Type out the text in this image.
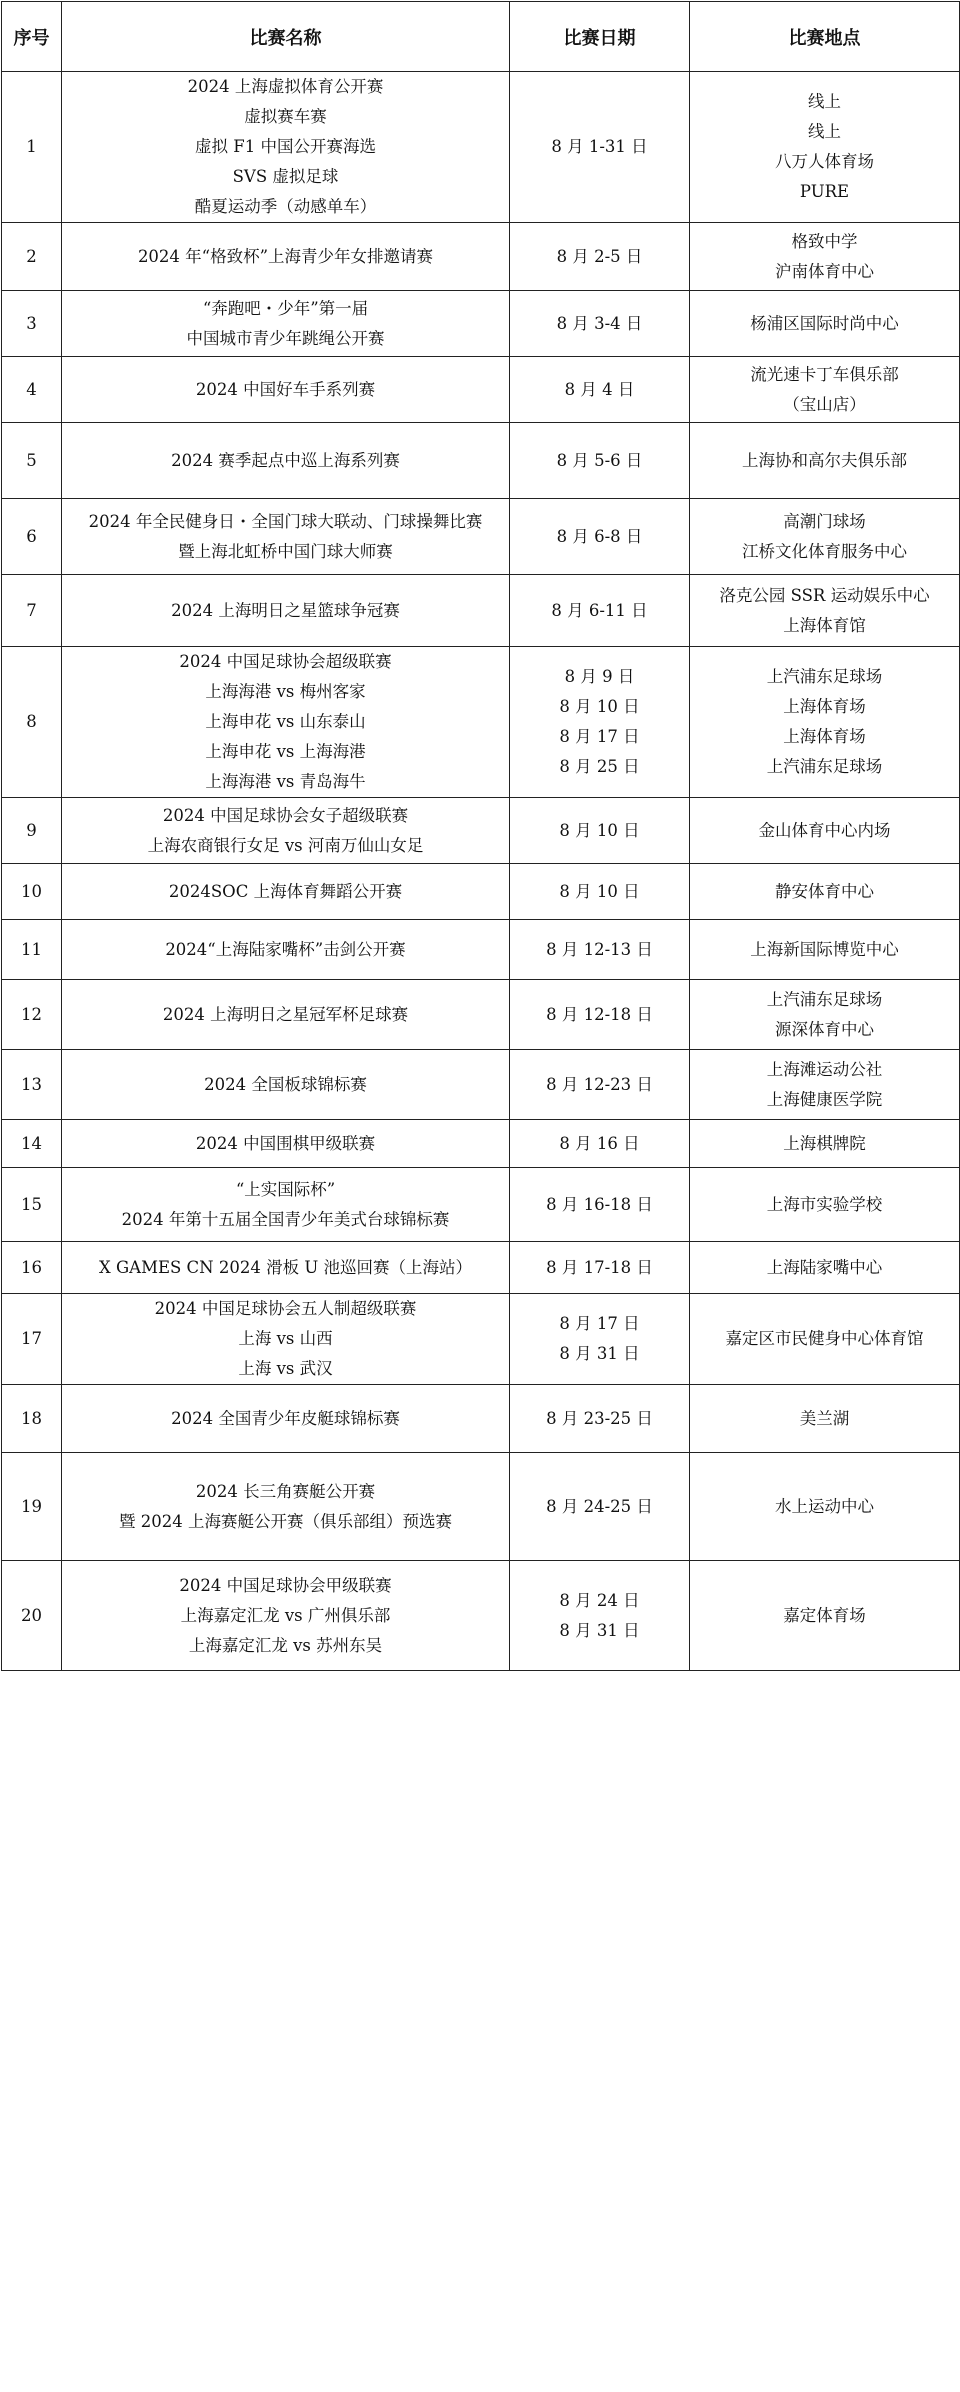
序号	比赛名称	比赛日期	比赛地点
1	2024 上海虚拟体育公开赛
虚拟赛车赛
虚拟 F1 中国公开赛海选
SVS 虚拟足球
酷夏运动季（动感单车）	8 月 1-31 日	线上
线上
八万人体育场
PURE

2	2024 年“格致杯”上海青少年女排邀请赛	8 月 2-5 日	格致中学
沪南体育中心

3	“奔跑吧・少年”第一届
中国城市青少年跳绳公开赛	8 月 3-4 日	杨浦区国际时尚中心

4	2024 中国好车手系列赛	8 月 4 日	流光速卡丁车俱乐部
（宝山店）

5	2024 赛季起点中巡上海系列赛	8 月 5-6 日	上海协和高尔夫俱乐部

6	2024 年全民健身日・全国门球大联动、门球操舞比赛
暨上海北虹桥中国门球大师赛	8 月 6-8 日	高潮门球场
江桥文化体育服务中心

7	2024 上海明日之星篮球争冠赛	8 月 6-11 日	洛克公园 SSR 运动娱乐中心
上海体育馆

8	2024 中国足球协会超级联赛
上海海港 vs 梅州客家
上海申花 vs 山东泰山
上海申花 vs 上海海港
上海海港 vs 青岛海牛	8 月 9 日
8 月 10 日
8 月 17 日
8 月 25 日	上汽浦东足球场
上海体育场
上海体育场
上汽浦东足球场

9	2024 中国足球协会女子超级联赛
上海农商银行女足 vs 河南万仙山女足	8 月 10 日	金山体育中心内场

10	2024SOC 上海体育舞蹈公开赛	8 月 10 日	静安体育中心

11	2024“上海陆家嘴杯”击剑公开赛	8 月 12-13 日	上海新国际博览中心

12	2024 上海明日之星冠军杯足球赛	8 月 12-18 日	上汽浦东足球场
源深体育中心

13	2024 全国板球锦标赛	8 月 12-23 日	上海滩运动公社
上海健康医学院

14	2024 中国围棋甲级联赛	8 月 16 日	上海棋牌院

15	“上实国际杯”
2024 年第十五届全国青少年美式台球锦标赛	8 月 16-18 日	上海市实验学校

16	X GAMES CN 2024 滑板 U 池巡回赛（上海站）	8 月 17-18 日	上海陆家嘴中心

17	2024 中国足球协会五人制超级联赛
上海 vs 山西
上海 vs 武汉	8 月 17 日
8 月 31 日	嘉定区市民健身中心体育馆

18	2024 全国青少年皮艇球锦标赛	8 月 23-25 日	美兰湖

19	2024 长三角赛艇公开赛
暨 2024 上海赛艇公开赛（俱乐部组）预选赛	8 月 24-25 日	水上运动中心

20	2024 中国足球协会甲级联赛
上海嘉定汇龙 vs 广州俱乐部
上海嘉定汇龙 vs 苏州东吴	8 月 24 日
8 月 31 日	嘉定体育场
